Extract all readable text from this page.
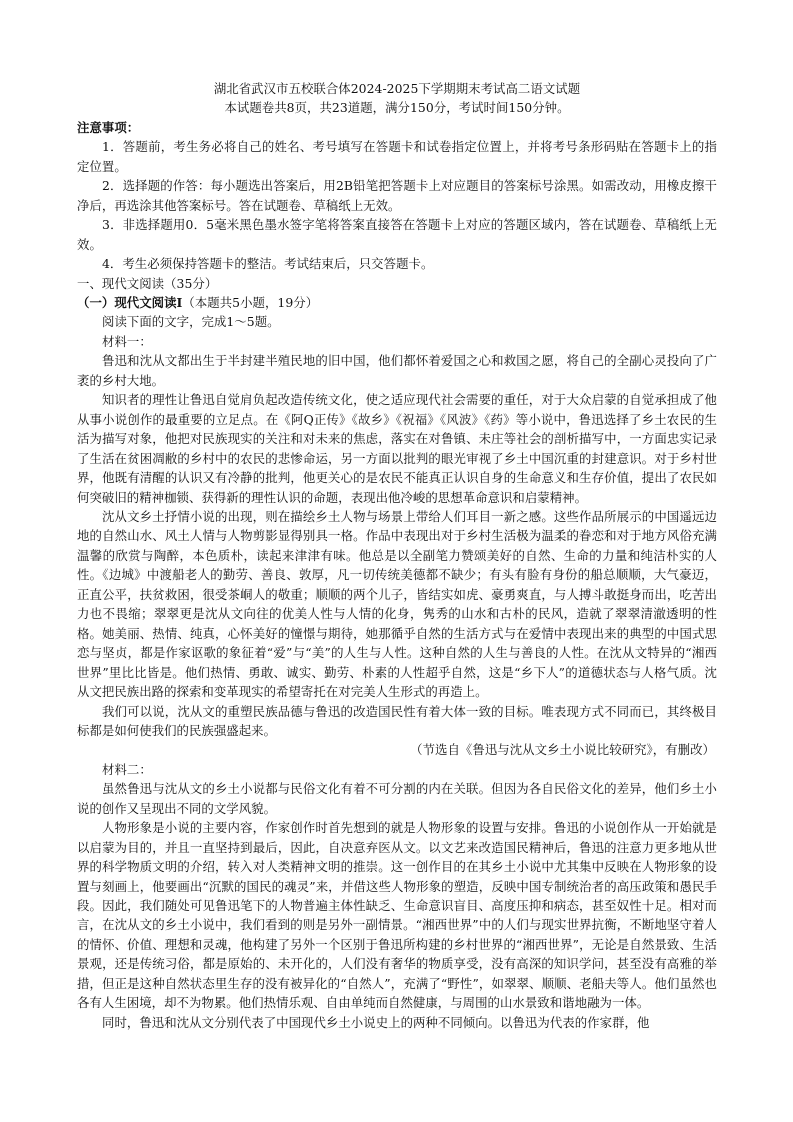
湖北省武汉市五校联合体2024-2025下学期期末考试高二语文试题

本试题卷共8页，共23道题，满分150分，考试时间150分钟。

注意事项：

1．答题前，考生务必将自己的姓名、考号填写在答题卡和试卷指定位置上，并将考号条形码贴在答题卡上的指定位置。

2．选择题的作答：每小题选出答案后，用2B铅笔把答题卡上对应题目的答案标号涂黑。如需改动，用橡皮擦干净后，再选涂其他答案标号。答在试题卷、草稿纸上无效。

3．非选择题用0．5毫米黑色墨水签字笔将答案直接答在答题卡上对应的答题区域内，答在试题卷、草稿纸上无效。

4．考生必须保持答题卡的整洁。考试结束后，只交答题卡。

一、现代文阅读（35分）

（一）现代文阅读Ⅰ（本题共5小题，19分）

阅读下面的文字，完成1～5题。

材料一：

鲁迅和沈从文都出生于半封建半殖民地的旧中国，他们都怀着爱国之心和救国之愿，将自己的全副心灵投向了广袤的乡村大地。

知识者的理性让鲁迅自觉肩负起改造传统文化，使之适应现代社会需要的重任，对于大众启蒙的自觉承担成了他从事小说创作的最重要的立足点。在《阿Q正传》《故乡》《祝福》《风波》《药》等小说中，鲁迅选择了乡土农民的生活为描写对象，他把对民族现实的关注和对未来的焦虑，落实在对鲁镇、未庄等社会的剖析描写中，一方面忠实记录了生活在贫困凋敝的乡村中的农民的悲惨命运，另一方面以批判的眼光审视了乡土中国沉重的封建意识。对于乡村世界，他既有清醒的认识又有冷静的批判，他更关心的是农民不能真正认识自身的生命意义和生存价值，提出了农民如何突破旧的精神枷锁、获得新的理性认识的命题，表现出他冷峻的思想革命意识和启蒙精神。

沈从文乡土抒情小说的出现，则在描绘乡土人物与场景上带给人们耳目一新之感。这些作品所展示的中国遥远边地的自然山水、风土人情与人物剪影显得别具一格。作品中表现出对于乡村生活极为温柔的眷恋和对于地方风俗充满温馨的欣赏与陶醉，本色质朴，读起来津津有味。他总是以全副笔力赞颂美好的自然、生命的力量和纯洁朴实的人性。《边城》中渡船老人的勤劳、善良、敦厚，凡一切传统美德都不缺少；有头有脸有身份的船总顺顺，大气豪迈，正直公平，扶贫救困，很受茶峒人的敬重；顺顺的两个儿子，皆结实如虎、豪勇爽直，与人搏斗敢挺身而出，吃苦出力也不畏缩；翠翠更是沈从文向往的优美人性与人情的化身，隽秀的山水和古朴的民风，造就了翠翠清澈透明的性格。她美丽、热情、纯真，心怀美好的憧憬与期待，她那循乎自然的生活方式与在爱情中表现出来的典型的中国式思恋与坚贞，都是作家讴歌的象征着“爱”与“美”的人生与人性。这种自然的人生与善良的人性。在沈从文特异的“湘西世界”里比比皆是。他们热情、勇敢、诚实、勤劳、朴素的人性超乎自然，这是“乡下人”的道德状态与人格气质。沈从文把民族出路的探索和变革现实的希望寄托在对完美人生形式的再造上。

我们可以说，沈从文的重塑民族品德与鲁迅的改造国民性有着大体一致的目标。唯表现方式不同而已，其终极目标都是如何使我们的民族强盛起来。

（节选自《鲁迅与沈从文乡土小说比较研究》，有删改）

材料二：

虽然鲁迅与沈从文的乡土小说都与民俗文化有着不可分割的内在关联。但因为各自民俗文化的差异，他们乡土小说的创作又呈现出不同的文学风貌。

人物形象是小说的主要内容，作家创作时首先想到的就是人物形象的设置与安排。鲁迅的小说创作从一开始就是以启蒙为目的，并且一直坚持到最后，因此，自决意弃医从文。以文艺来改造国民精神后，鲁迅的注意力更多地从世界的科学物质文明的介绍，转入对人类精神文明的推崇。这一创作目的在其乡土小说中尤其集中反映在人物形象的设置与刻画上，他要画出“沉默的国民的魂灵”来，并借这些人物形象的塑造，反映中国专制统治者的高压政策和愚民手段。因此，我们随处可见鲁迅笔下的人物普遍主体性缺乏、生命意识盲目、高度压抑和病态，甚至奴性十足。相对而言，在沈从文的乡土小说中，我们看到的则是另外一副情景。“湘西世界”中的人们与现实世界抗衡，不断地坚守着人的情怀、价值、理想和灵魂，他构建了另外一个区别于鲁迅所构建的乡村世界的“湘西世界”，无论是自然景致、生活景观，还是传统习俗，都是原始的、未开化的，人们没有奢华的物质享受，没有高深的知识学问，甚至没有高雅的举措，但正是这种自然状态里生存的没有被异化的“自然人”，充满了“野性”，如翠翠、顺顺、老船夫等人。他们虽然也各有人生困境，却不为物累。他们热情乐观、自由单纯而自然健康，与周围的山水景致和谐地融为一体。

同时，鲁迅和沈从文分别代表了中国现代乡土小说史上的两种不同倾向。以鲁迅为代表的作家群，他
